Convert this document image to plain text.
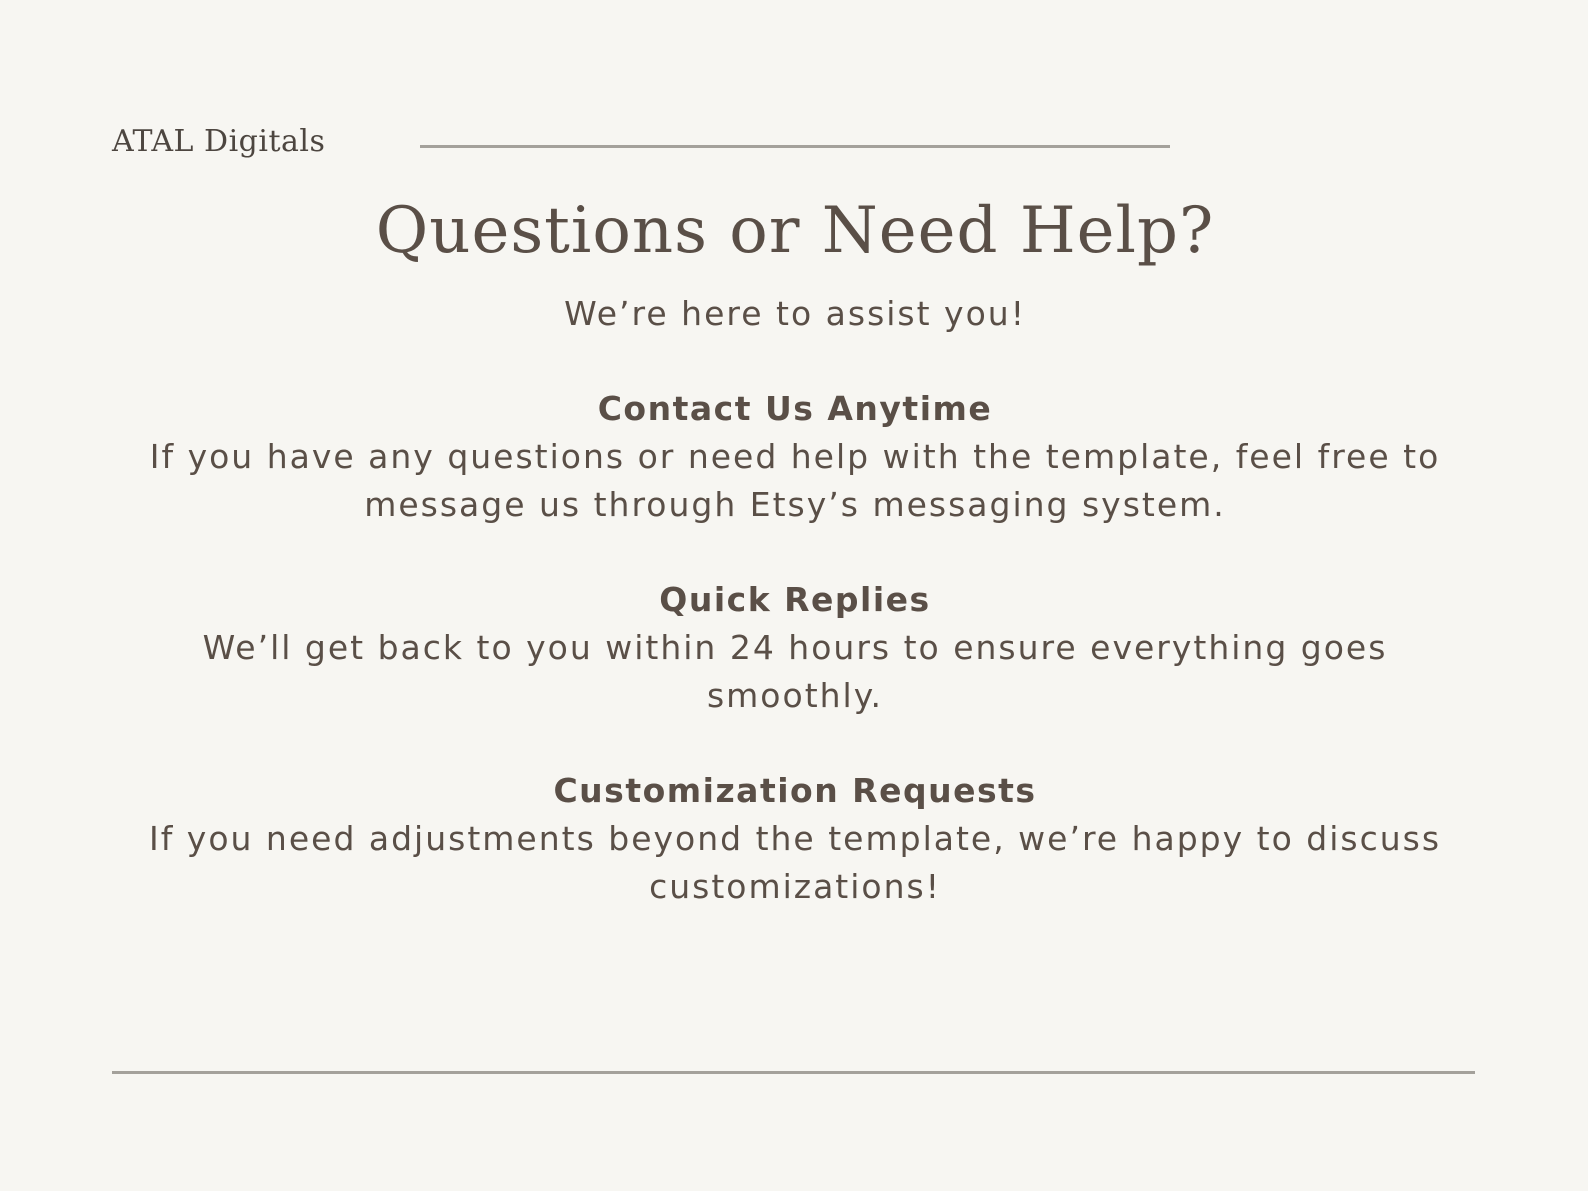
ATAL Digitals
Questions or Need Help?

We’re here to assist you!

Contact Us Anytime

If you have any questions or need help with the template, feel free to

message us through Etsy’s messaging system.

Quick Replies

We’ll get back to you within 24 hours to ensure everything goes

smoothly.

Customization Requests

If you need adjustments beyond the template, we’re happy to discuss

customizations!
